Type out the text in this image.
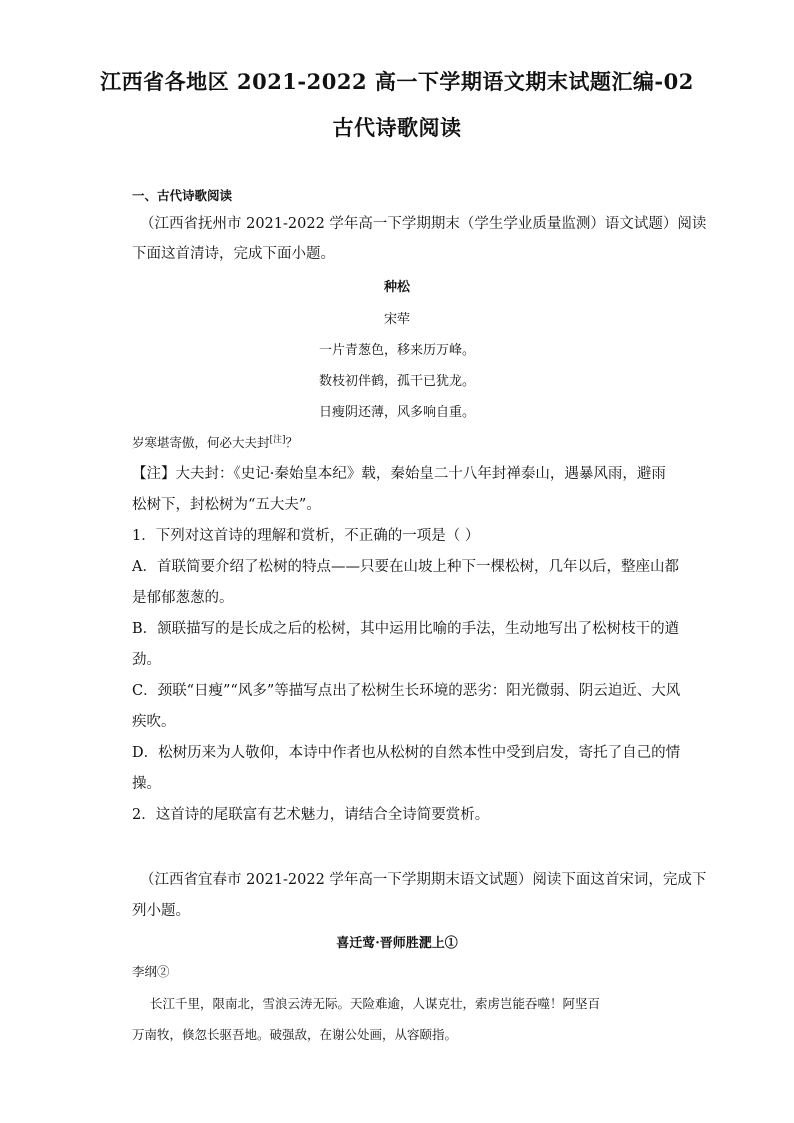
江西省各地区 2021-2022 高一下学期语文期末试题汇编-02
古代诗歌阅读
一、古代诗歌阅读
（江西省抚州市 2021-2022 学年高一下学期期末（学生学业质量监测）语文试题）阅读
下面这首清诗，完成下面小题。
种松
宋荦
一片青葱色，移来历万峰。
数枝初伴鹤，孤干已犹龙。
日瘦阴还薄，风多响自重。
岁寒堪寄傲，何必大夫封[注]？
【注】大夫封：《史记·秦始皇本纪》载，秦始皇二十八年封禅泰山，遇暴风雨，避雨
松树下，封松树为“五大夫”。
1．下列对这首诗的理解和赏析，不正确的一项是（ ）
A．首联简要介绍了松树的特点——只要在山坡上种下一棵松树，几年以后，整座山都
是郁郁葱葱的。
B．颔联描写的是长成之后的松树，其中运用比喻的手法，生动地写出了松树枝干的遒
劲。
C．颈联“日瘦”“风多”等描写点出了松树生长环境的恶劣：阳光微弱、阴云迫近、大风
疾吹。
D．松树历来为人敬仰，本诗中作者也从松树的自然本性中受到启发，寄托了自己的情
操。
2．这首诗的尾联富有艺术魅力，请结合全诗简要赏析。
（江西省宜春市 2021-2022 学年高一下学期期末语文试题）阅读下面这首宋词，完成下
列小题。
喜迁莺·晋师胜淝上①
李纲②
长江千里，限南北，雪浪云涛无际。天险难逾，人谋克壮，索虏岂能吞噬！阿坚百
万南牧，倏忽长驱吾地。破强敌，在谢公处画，从容颐指。
